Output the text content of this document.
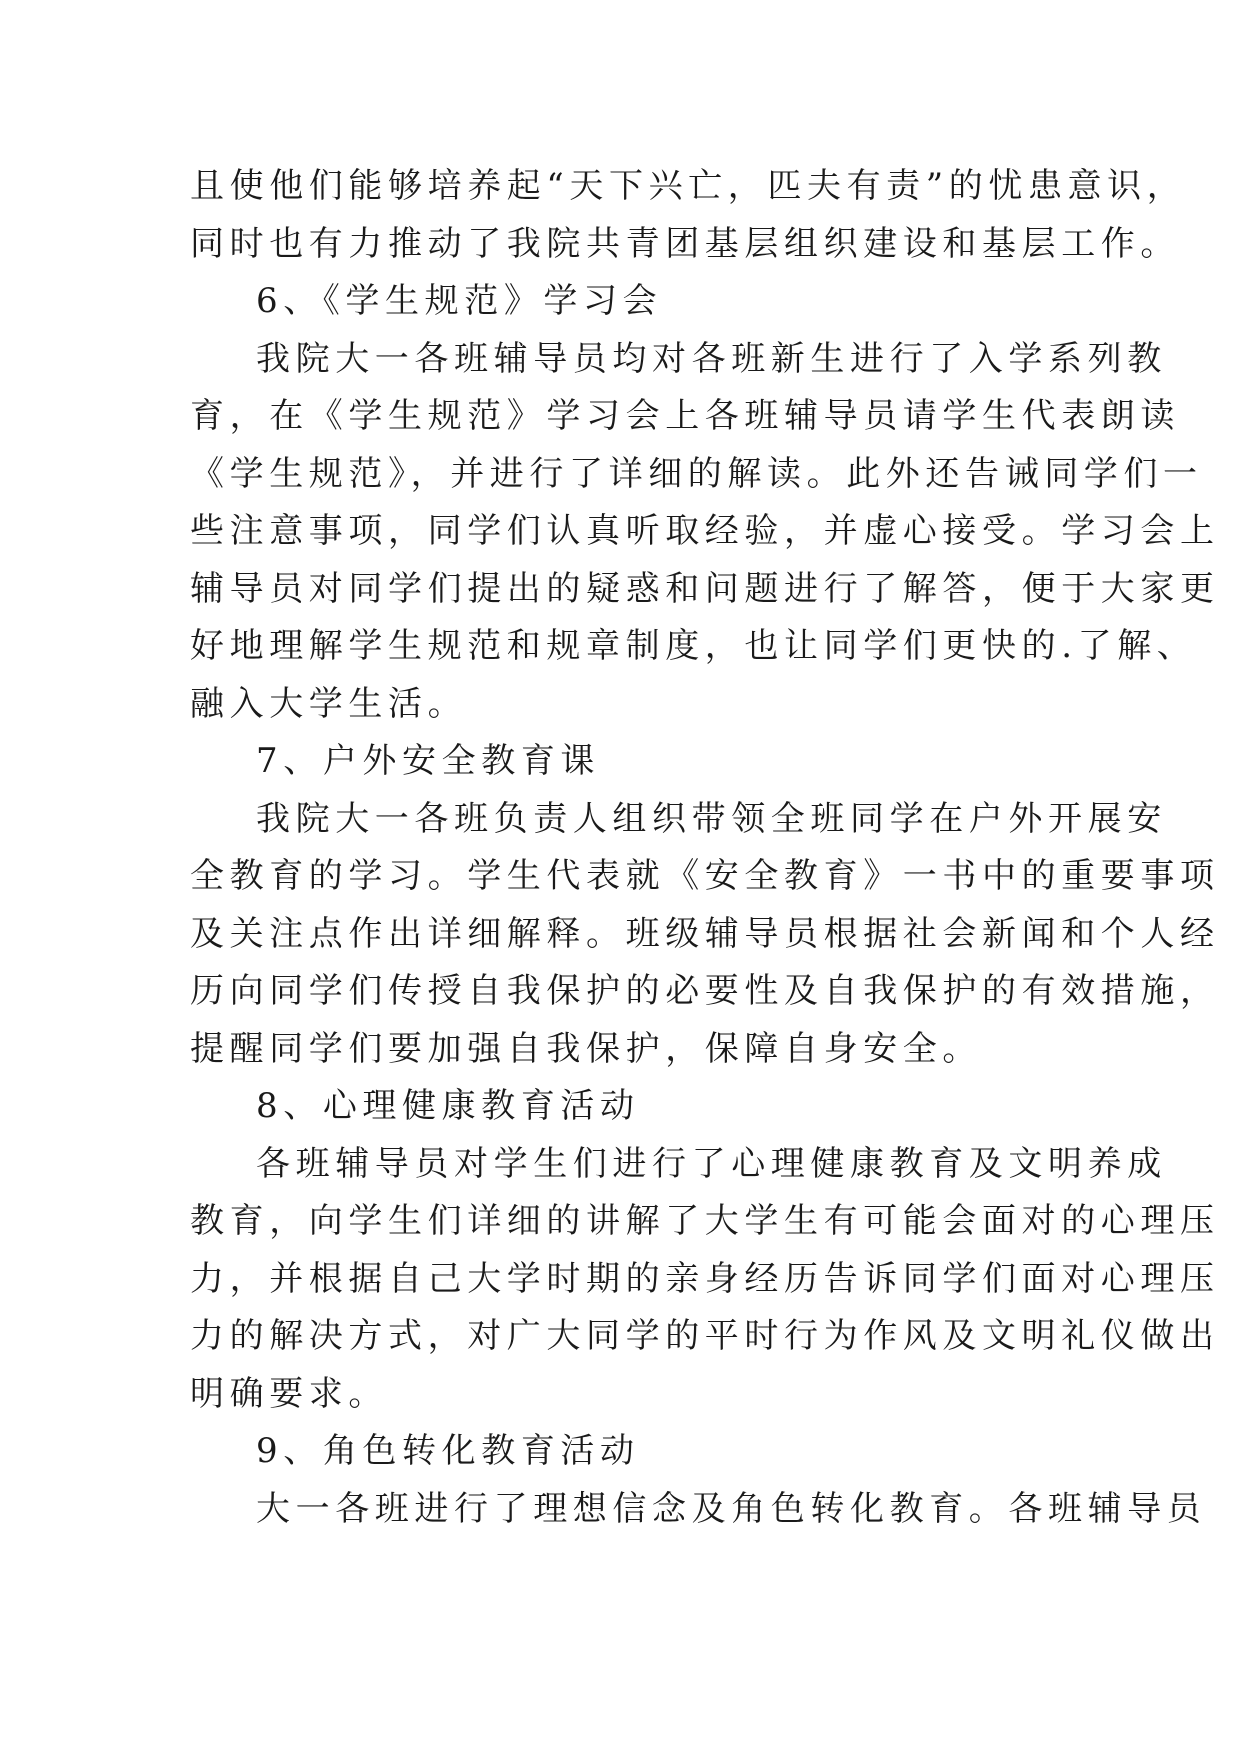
且使他们能够培养起“天下兴亡，匹夫有责”的忧患意识，
同时也有力推动了我院共青团基层组织建设和基层工作。
6、《学生规范》学习会
我院大一各班辅导员均对各班新生进行了入学系列教
育，在《学生规范》学习会上各班辅导员请学生代表朗读
《学生规范》，并进行了详细的解读。此外还告诫同学们一
些注意事项，同学们认真听取经验，并虚心接受。学习会上
辅导员对同学们提出的疑惑和问题进行了解答，便于大家更
好地理解学生规范和规章制度，也让同学们更快的.了解、
融入大学生活。
7、户外安全教育课
我院大一各班负责人组织带领全班同学在户外开展安
全教育的学习。学生代表就《安全教育》一书中的重要事项
及关注点作出详细解释。班级辅导员根据社会新闻和个人经
历向同学们传授自我保护的必要性及自我保护的有效措施，
提醒同学们要加强自我保护，保障自身安全。
8、心理健康教育活动
各班辅导员对学生们进行了心理健康教育及文明养成
教育，向学生们详细的讲解了大学生有可能会面对的心理压
力，并根据自己大学时期的亲身经历告诉同学们面对心理压
力的解决方式，对广大同学的平时行为作风及文明礼仪做出
明确要求。
9、角色转化教育活动
大一各班进行了理想信念及角色转化教育。各班辅导员
